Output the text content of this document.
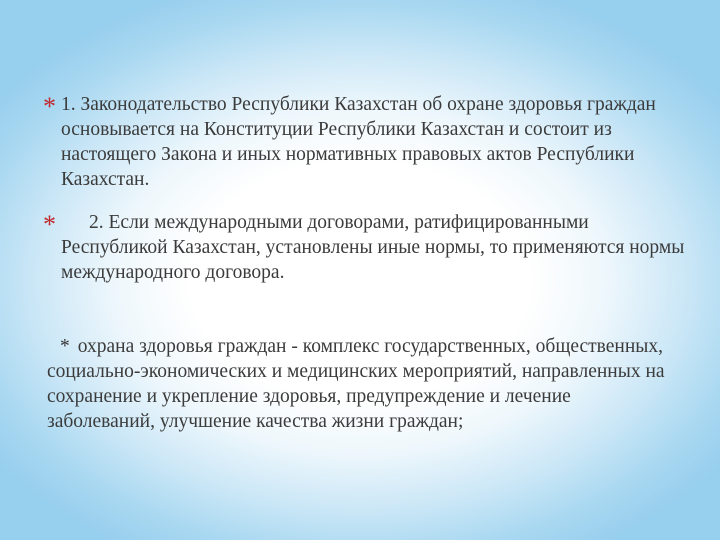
* 1. Законодательство Республики Казахстан об охране здоровья граждан основывается на Конституции Республики Казахстан и состоит из настоящего Закона и иных нормативных правовых актов Республики Казахстан.

*	2. Если международными договорами, ратифицированными Республикой Казахстан, установлены иные нормы, то применяются нормы международного договора.

* охрана здоровья граждан - комплекс государственных, общественных, социально-экономических и медицинских мероприятий, направленных на сохранение и укрепление здоровья, предупреждение и лечение заболеваний, улучшение качества жизни граждан;
